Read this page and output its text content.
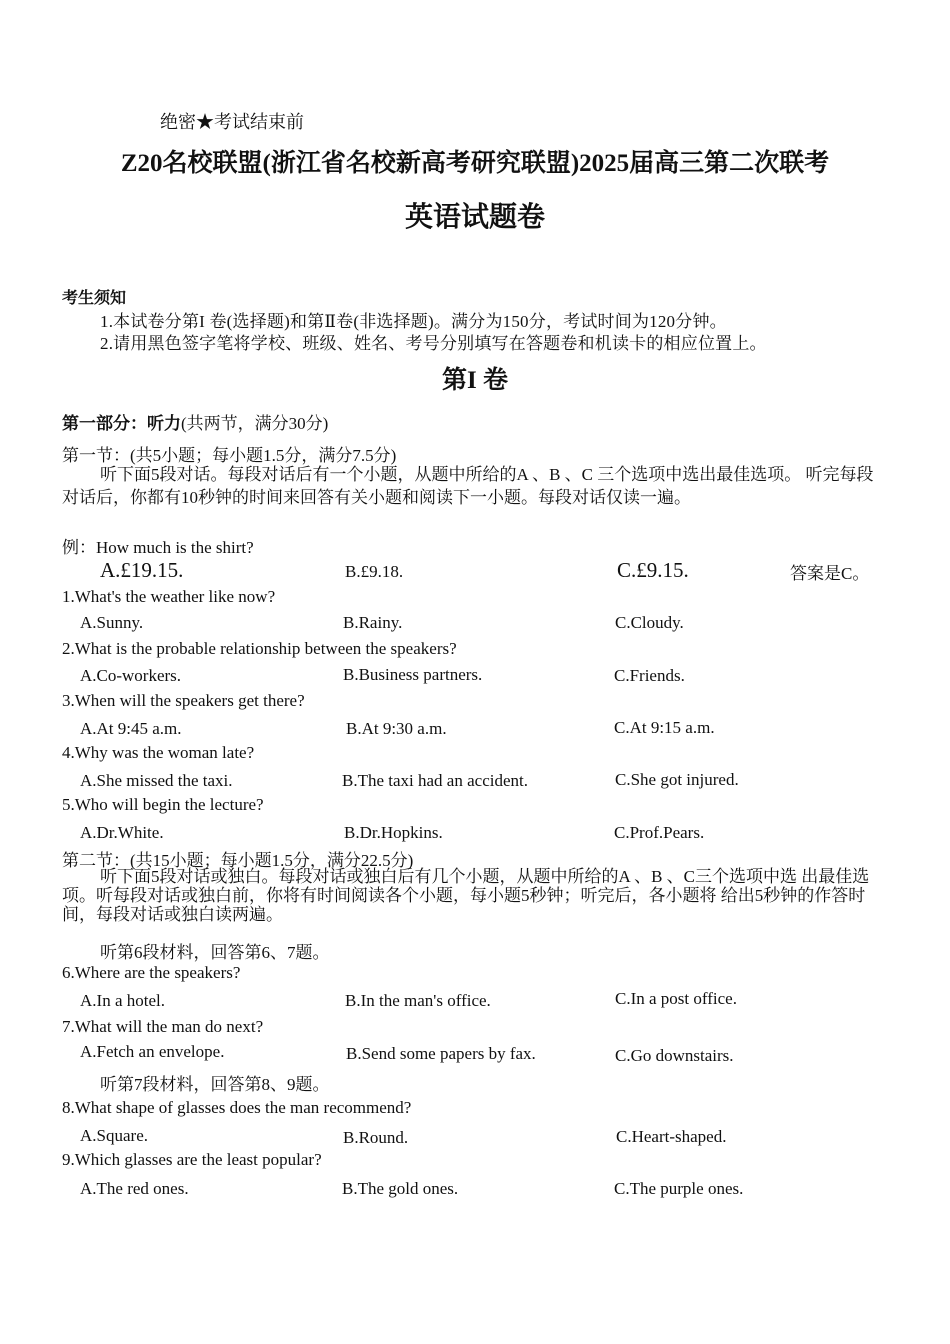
绝密★考试结束前
Z20名校联盟(浙江省名校新高考研究联盟)2025届高三第二次联考
英语试题卷
考生须知
1.本试卷分第I 卷(选择题)和第Ⅱ卷(非选择题)。满分为150分，考试时间为120分钟。
2.请用黑色签字笔将学校、班级、姓名、考号分别填写在答题卷和机读卡的相应位置上。
第I 卷
第一部分：听力(共两节，满分30分)
第一节：(共5小题；每小题1.5分，满分7.5分)
听下面5段对话。每段对话后有一个小题，从题中所给的A 、B 、C 三个选项中选出最佳选项。 听完每段对话后，你都有10秒钟的时间来回答有关小题和阅读下一小题。每段对话仅读一遍。
例：How much is the shirt?
A.£19.15.	B.£9.18.	C.£9.15.	答案是C。
1.What's the weather like now?
A.Sunny.	B.Rainy.	C.Cloudy.
2.What is the probable relationship between the speakers?
A.Co-workers.	B.Business partners.	C.Friends.
3.When will the speakers get there?
A.At 9:45 a.m.	B.At 9:30 a.m.	C.At 9:15 a.m.
4.Why was the woman late?
A.She missed the taxi.	B.The taxi had an accident.	C.She got injured.
5.Who will begin the lecture?
A.Dr.White.	B.Dr.Hopkins.	C.Prof.Pears.
第二节：(共15小题；每小题1.5分，满分22.5分)
听下面5段对话或独白。每段对话或独白后有几个小题，从题中所给的A 、B 、C三个选项中选 出最佳选项。听每段对话或独白前，你将有时间阅读各个小题，每小题5秒钟；听完后，各小题将 给出5秒钟的作答时间，每段对话或独白读两遍。
听第6段材料，回答第6、7题。
6.Where are the speakers?
A.In a hotel.	B.In the man's office.	C.In a post office.
7.What will the man do next?
A.Fetch an envelope.	B.Send some papers by fax.	C.Go downstairs.
听第7段材料，回答第8、9题。
8.What shape of glasses does the man recommend?
A.Square.	B.Round.	C.Heart-shaped.
9.Which glasses are the least popular?
A.The red ones.	B.The gold ones.	C.The purple ones.
